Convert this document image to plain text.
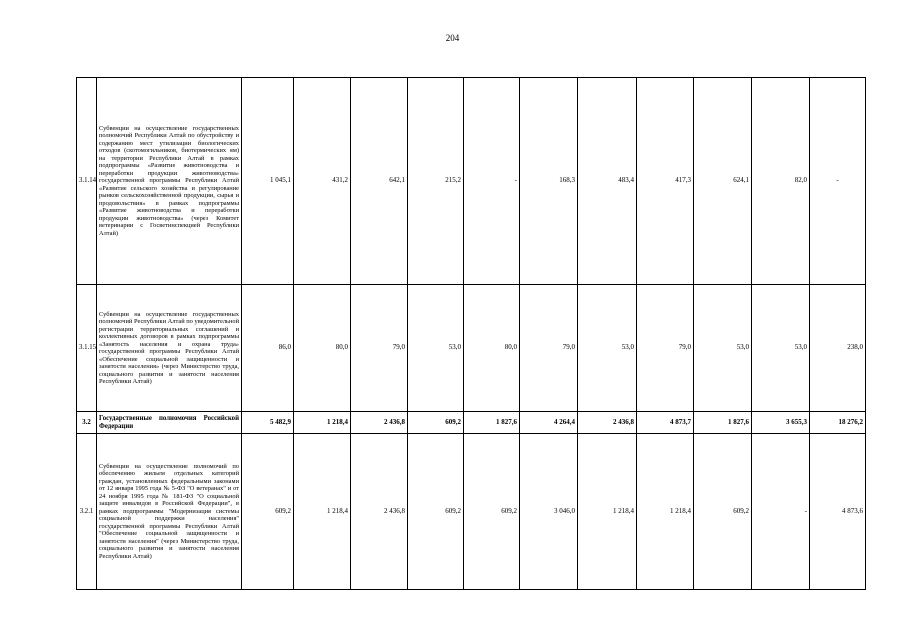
204
3.1.14	Субвенции на осуществление государственных полномочий Республики Алтай по обустройству и содержанию мест утилизации биологических отходов (скотомогильников, биотермических ям) на территории Республики Алтай в рамках подпрограммы «Развитие животноводства и переработки продукции животноводства» государственной программы Республики Алтай «Развитие сельского хозяйства и регулирование рынков сельскохозяйственной продукции, сырья и продовольствия» в рамках подпрограммы «Развитие животноводства и переработки продукции животноводства» (через Комитет ветеринарии с Госветинспекцией Республики Алтай)	1 045,1	431,2	642,1	215,2	-	168,3	483,4	417,3	624,1	82,0	-
3.1.15	Субвенции на осуществление государственных полномочий Республики Алтай по уведомительной регистрации территориальных соглашений и коллективных договоров в рамках подпрограммы «Занятость населения и охрана труда» государственной программы Республики Алтай «Обеспечение социальной защищенности и занятости населения» (через Министерство труда, социального развития и занятости населения Республики Алтай)	86,0	80,0	79,0	53,0	80,0	79,0	53,0	79,0	53,0	53,0	238,0
3.2	Государственные полномочия Российской Федерации	5 482,9	1 218,4	2 436,8	609,2	1 827,6	4 264,4	2 436,8	4 873,7	1 827,6	3 655,3	18 276,2
3.2.1	Субвенции на осуществление полномочий по обеспечению жильем отдельных категорий граждан, установленных федеральными законами от 12 января 1995 года № 5-ФЗ "О ветеранах" и от 24 ноября 1995 года № 181-ФЗ "О социальной защите инвалидов в Российской Федерации", в рамках подпрограммы "Модернизация системы социальной поддержки населения" государственной программы Республики Алтай "Обеспечение социальной защищенности и занятости населения" (через Министерство труда, социального развития и занятости населения Республики Алтай)	609,2	1 218,4	2 436,8	609,2	609,2	3 046,0	1 218,4	1 218,4	609,2	-	4 873,6
